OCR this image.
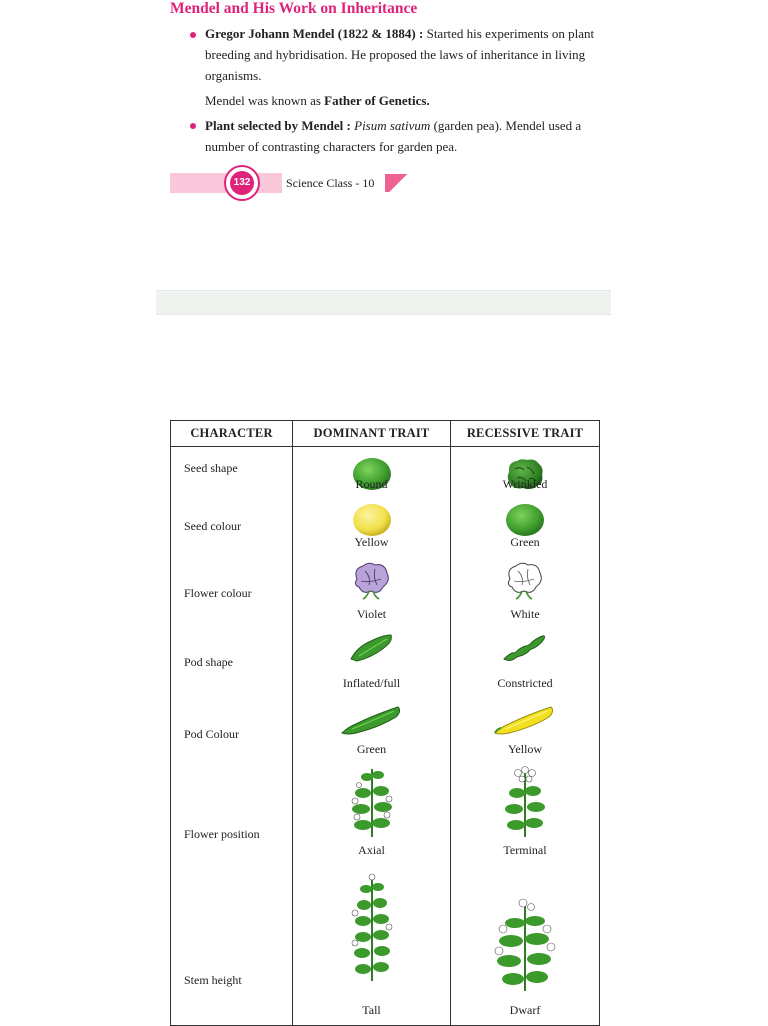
Mendel and His Work on Inheritance
Gregor Johann Mendel (1822 & 1884) : Started his experiments on plant breeding and hybridisation. He proposed the laws of inheritance in living organisms.
Mendel was known as Father of Genetics.
Plant selected by Mendel : Pisum sativum (garden pea). Mendel used a number of contrasting characters for garden pea.
132	Science Class - 10
CHARACTER	DOMINANT TRAIT	RECESSIVE TRAIT

Seed shape	Round	Wrinkled

Seed colour	Yellow	Green

Flower colour	Violet	White

Pod shape	Inflated/full	Constricted

Pod Colour	Green	Yellow

Flower position	Axial	Terminal

Stem height	Tall	Dwarf
